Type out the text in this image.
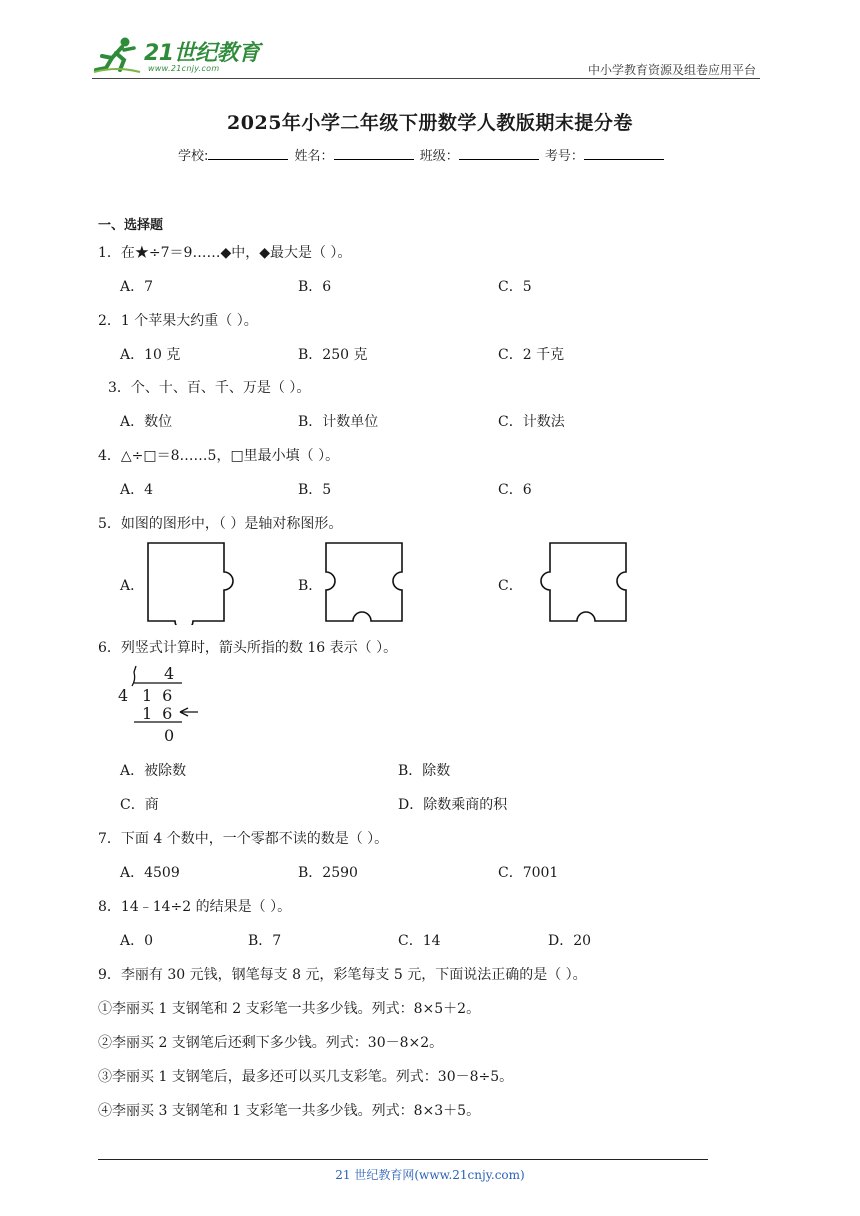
21世纪教育
www.21cnjy.com	中小学教育资源及组卷应用平台
2025年小学二年级下册数学人教版期末提分卷
学校:	姓名：	班级：	考号：
一、选择题
1．在★÷7＝9……◆中，◆最大是（ ）。
A．7	B．6	C．5
2．1 个苹果大约重（ ）。
A．10 克	B．250 克	C．2 千克
3．个、十、百、千、万是（ ）。
A．数位	B．计数单位	C．计数法
4．△÷□＝8……5，□里最小填（ ）。
A．4	B．5	C．6
5．如图的图形中，（ ）是轴对称图形。
A．	B．	C．
6．列竖式计算时，箭头所指的数 16 表示（ ）。
4
4 16
16
0
A．被除数	B．除数
C．商	D．除数乘商的积
7．下面 4 个数中，一个零都不读的数是（ ）。
A．4509	B．2590	C．7001
8．14﹣14÷2 的结果是（ ）。
A．0	B．7	C．14	D．20
9．李丽有 30 元钱，钢笔每支 8 元，彩笔每支 5 元，下面说法正确的是（ ）。
①李丽买 1 支钢笔和 2 支彩笔一共多少钱。列式：8×5＋2。
②李丽买 2 支钢笔后还剩下多少钱。列式：30－8×2。
③李丽买 1 支钢笔后，最多还可以买几支彩笔。列式：30－8÷5。
④李丽买 3 支钢笔和 1 支彩笔一共多少钱。列式：8×3＋5。
21 世纪教育网(www.21cnjy.com)
